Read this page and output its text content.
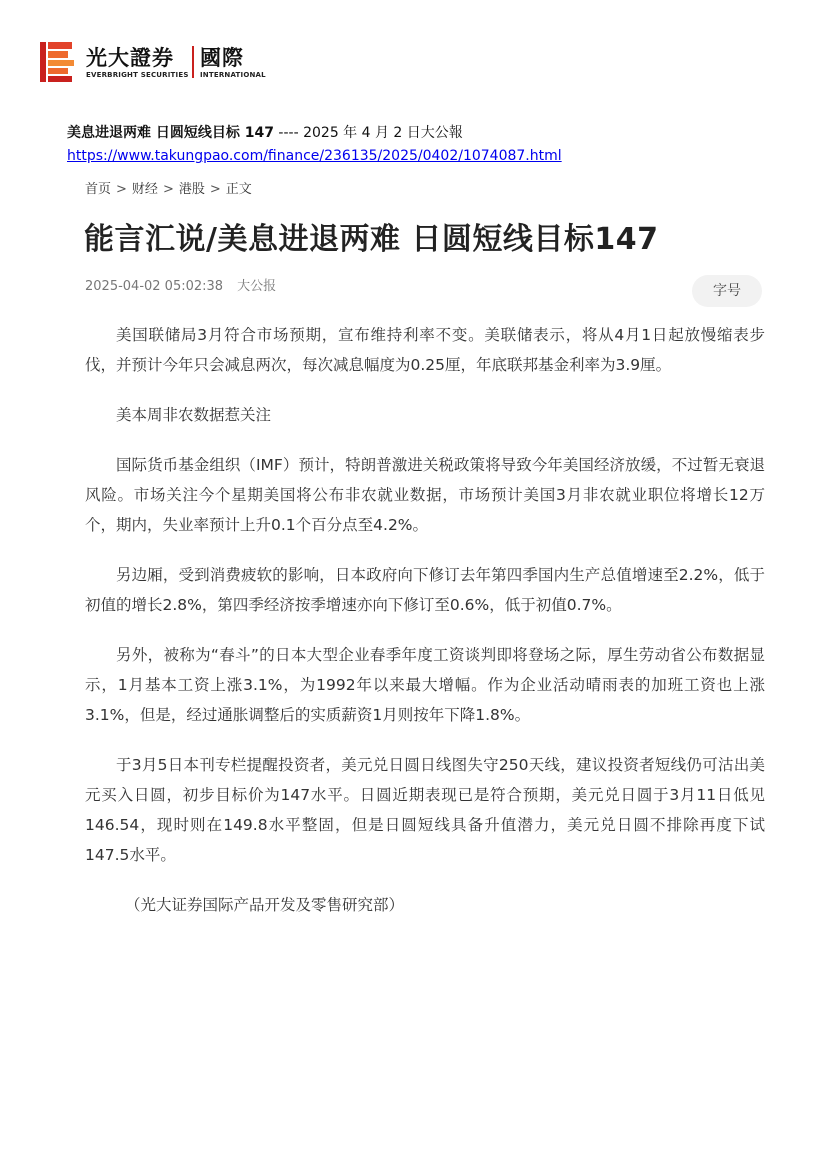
光大證券 國際
EVERBRIGHT SECURITIES INTERNATIONAL
美息进退两难 日圆短线目标 147 ---- 2025 年 4 月 2 日大公報
https://www.takungpao.com/finance/236135/2025/0402/1074087.html
首页 > 财经 > 港股 > 正文
能言汇说/美息进退两难 日圆短线目标147
2025-04-02 05:02:38 大公报	字号

美国联储局3月符合市场预期，宣布维持利率不变。美联储表示，将从4月1日起放慢缩表步伐，并预计今年只会减息两次，每次减息幅度为0.25厘，年底联邦基金利率为3.9厘。

美本周非农数据惹关注

国际货币基金组织（IMF）预计，特朗普激进关税政策将导致今年美国经济放缓，不过暂无衰退风险。市场关注今个星期美国将公布非农就业数据，市场预计美国3月非农就业职位将增长12万个，期内，失业率预计上升0.1个百分点至4.2%。

另边厢，受到消费疲软的影响，日本政府向下修订去年第四季国内生产总值增速至2.2%，低于初值的增长2.8%，第四季经济按季增速亦向下修订至0.6%，低于初值0.7%。

另外，被称为“春斗”的日本大型企业春季年度工资谈判即将登场之际，厚生劳动省公布数据显示，1月基本工资上涨3.1%，为1992年以来最大增幅。作为企业活动晴雨表的加班工资也上涨3.1%，但是，经过通胀调整后的实质薪资1月则按年下降1.8%。

于3月5日本刊专栏提醒投资者，美元兑日圆日线图失守250天线，建议投资者短线仍可沽出美元买入日圆，初步目标价为147水平。日圆近期表现已是符合预期，美元兑日圆于3月11日低见146.54，现时则在149.8水平整固，但是日圆短线具备升值潜力，美元兑日圆不排除再度下试147.5水平。

（光大证券国际产品开发及零售研究部）
